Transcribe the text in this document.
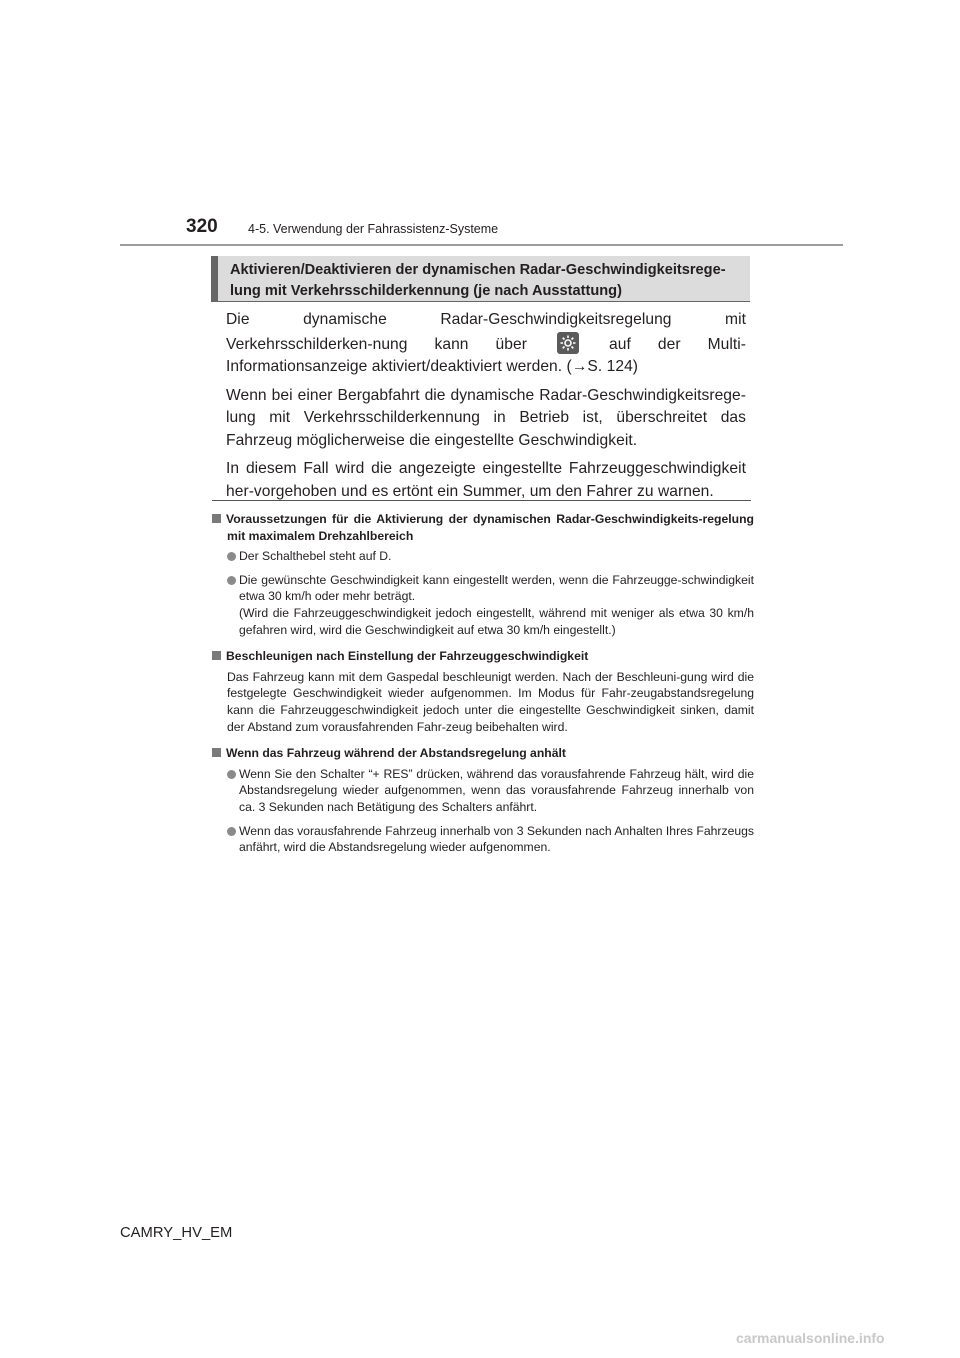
320 4-5. Verwendung der Fahrassistenz-Systeme
Aktivieren/Deaktivieren der dynamischen Radar-Geschwindigkeitsrege-
lung mit Verkehrsschilderkennung (je nach Ausstattung)

Die dynamische Radar-Geschwindigkeitsregelung mit Verkehrsschilderken-nung kann über	auf der Multi-Informationsanzeige aktiviert/deaktiviert werden. (→S. 124)

Wenn bei einer Bergabfahrt die dynamische Radar-Geschwindigkeitsrege-lung mit Verkehrsschilderkennung in Betrieb ist, überschreitet das Fahrzeug möglicherweise die eingestellte Geschwindigkeit.

In diesem Fall wird die angezeigte eingestellte Fahrzeuggeschwindigkeit her-vorgehoben und es ertönt ein Summer, um den Fahrer zu warnen.

Voraussetzungen für die Aktivierung der dynamischen Radar-Geschwindigkeits-regelung mit maximalem Drehzahlbereich
Der Schalthebel steht auf D.
Die gewünschte Geschwindigkeit kann eingestellt werden, wenn die Fahrzeugge-schwindigkeit etwa 30 km/h oder mehr beträgt.
(Wird die Fahrzeuggeschwindigkeit jedoch eingestellt, während mit weniger als etwa 30 km/h gefahren wird, wird die Geschwindigkeit auf etwa 30 km/h eingestellt.)
Beschleunigen nach Einstellung der Fahrzeuggeschwindigkeit
Das Fahrzeug kann mit dem Gaspedal beschleunigt werden. Nach der Beschleuni-gung wird die festgelegte Geschwindigkeit wieder aufgenommen. Im Modus für Fahr-zeugabstandsregelung kann die Fahrzeuggeschwindigkeit jedoch unter die eingestellte Geschwindigkeit sinken, damit der Abstand zum vorausfahrenden Fahr-zeug beibehalten wird.
Wenn das Fahrzeug während der Abstandsregelung anhält
Wenn Sie den Schalter “+ RES” drücken, während das vorausfahrende Fahrzeug hält, wird die Abstandsregelung wieder aufgenommen, wenn das vorausfahrende Fahrzeug innerhalb von ca. 3 Sekunden nach Betätigung des Schalters anfährt.
Wenn das vorausfahrende Fahrzeug innerhalb von 3 Sekunden nach Anhalten Ihres Fahrzeugs anfährt, wird die Abstandsregelung wieder aufgenommen.
CAMRY_HV_EM
carmanualsonline.info
